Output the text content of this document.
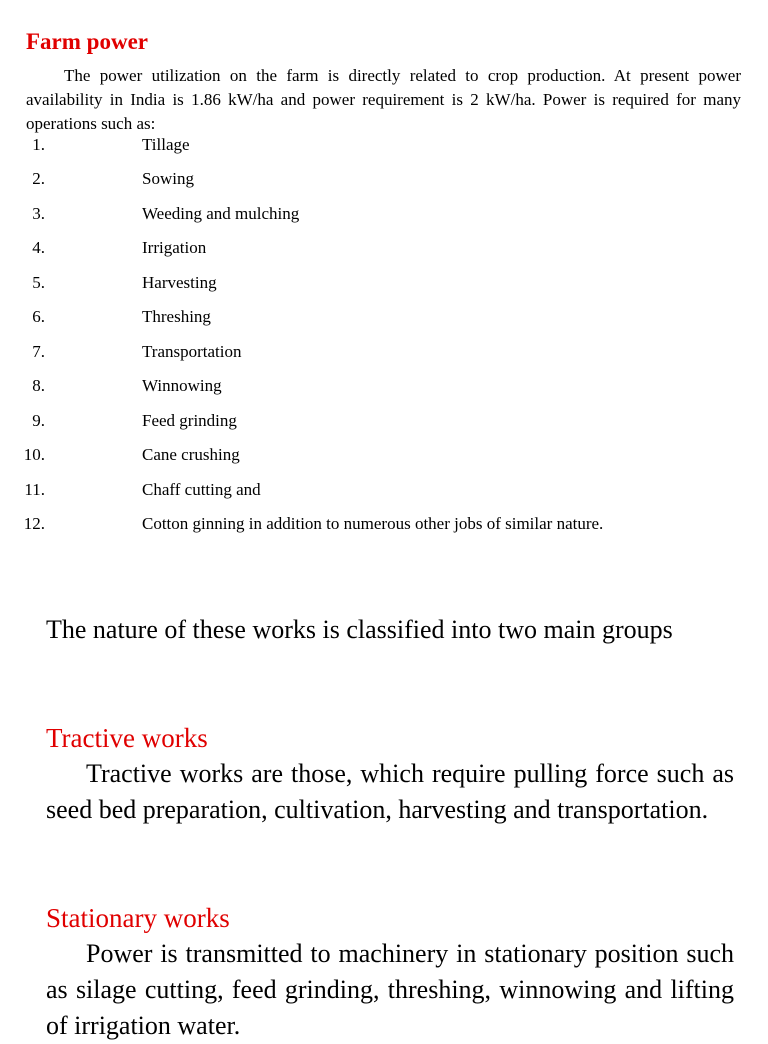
Farm power

The power utilization on the farm is directly related to crop production. At present power availability in India is 1.86 kW/ha and power requirement is 2 kW/ha. Power is required for many operations such as:

1.	Tillage
2.	Sowing
3.	Weeding and mulching
4.	Irrigation
5.	Harvesting
6.	Threshing
7.	Transportation
8.	Winnowing
9.	Feed grinding
10.	Cane crushing
11.	Chaff cutting and
12.	Cotton ginning in addition to numerous other jobs of similar nature.

The nature of these works is classified into two main groups

Tractive works

Tractive works are those, which require pulling force such as seed bed preparation, cultivation, harvesting and transportation.

Stationary works

Power is transmitted to machinery in stationary position such as silage cutting, feed grinding, threshing, winnowing and lifting of irrigation water.
